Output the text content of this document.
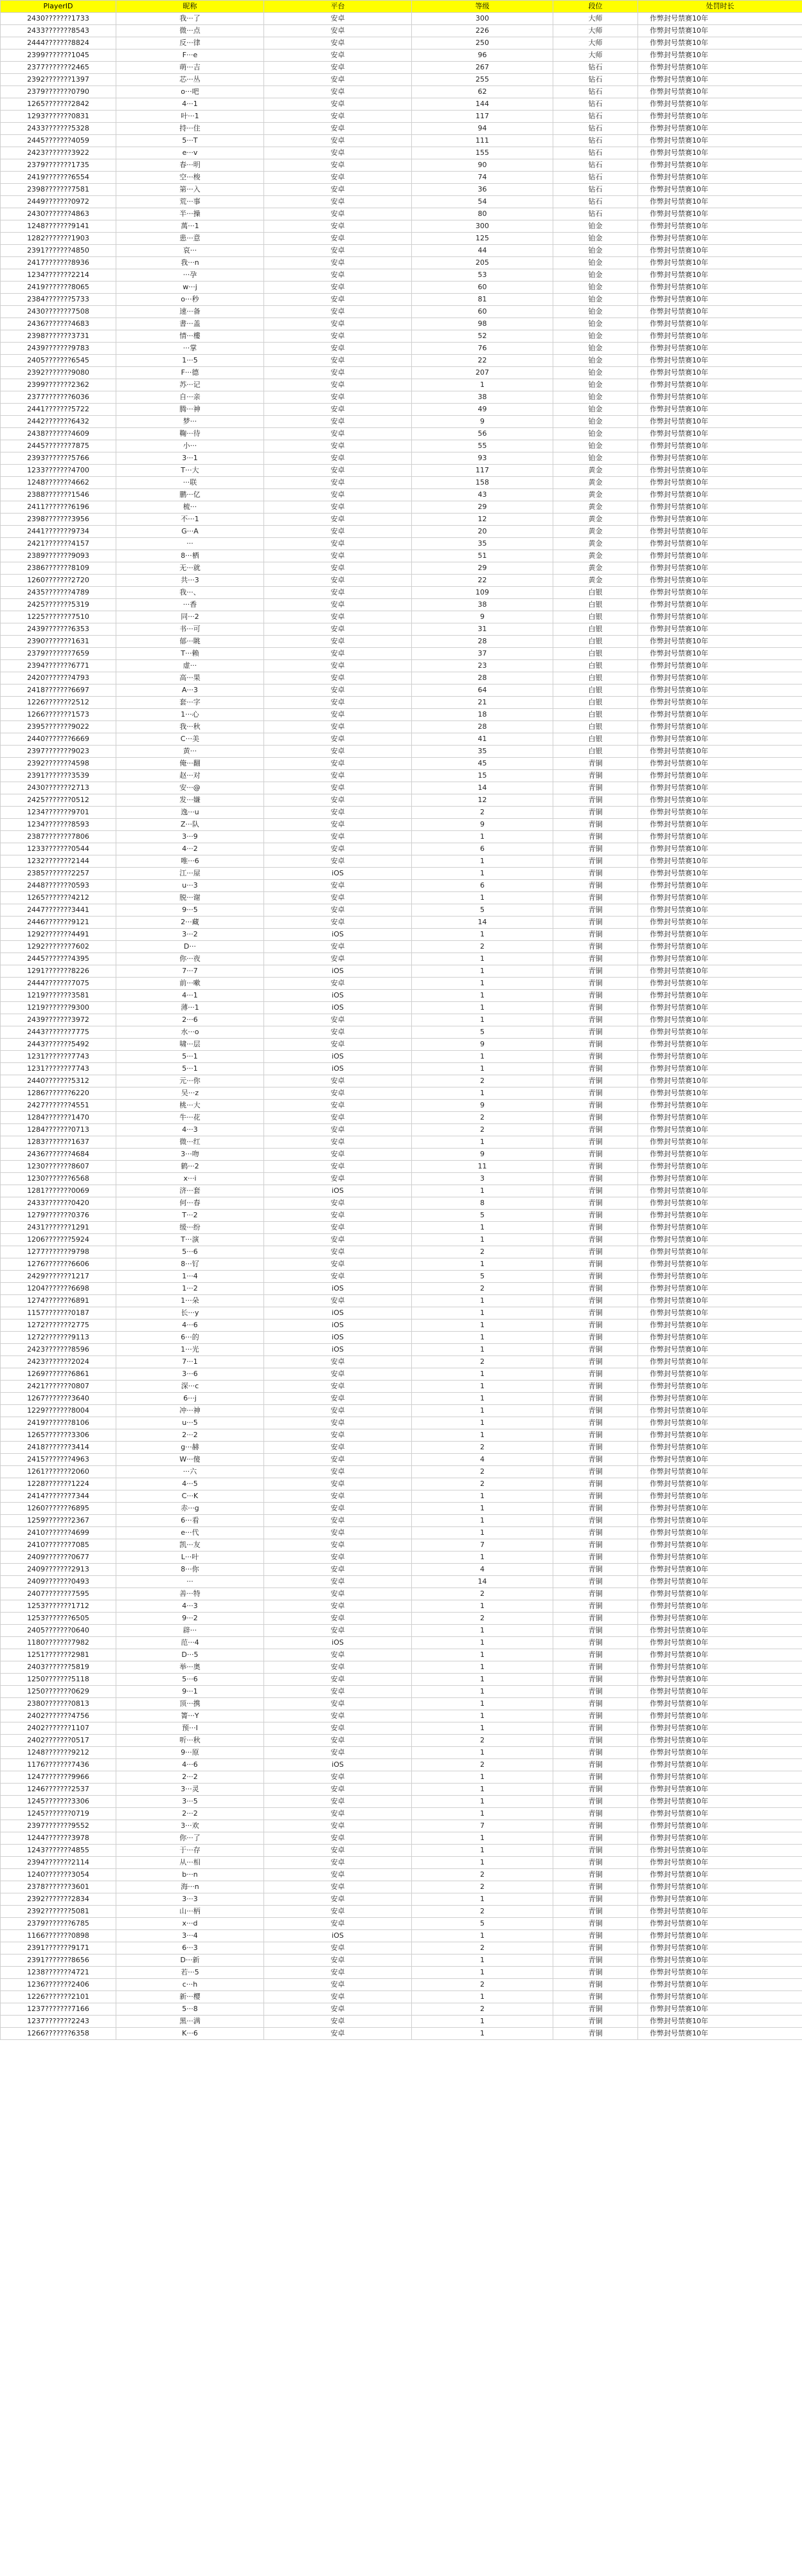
PlayerID	昵称	平台	等级	段位	处罚时长
2430???????1733	我···了	安卓	300	大师	作弊封号禁赛10年
2433???????8543	微···点	安卓	226	大师	作弊封号禁赛10年
2444???????8824	反···律	安卓	250	大师	作弊封号禁赛10年
2399???????1045	F···e	安卓	96	大师	作弊封号禁赛10年
2377???????2465	萌···吉	安卓	267	钻石	作弊封号禁赛10年
2392???????1397	芯···丛	安卓	255	钻石	作弊封号禁赛10年
2379???????0790	o···吧	安卓	62	钻石	作弊封号禁赛10年
1265???????2842	4···1	安卓	144	钻石	作弊封号禁赛10年
1293???????0831	叶···1	安卓	117	钻石	作弊封号禁赛10年
2433???????5328	持···住	安卓	94	钻石	作弊封号禁赛10年
2445???????4059	5···T	安卓	111	钻石	作弊封号禁赛10年
2423???????3922	e···v	安卓	155	钻石	作弊封号禁赛10年
2379???????1735	春···明	安卓	90	钻石	作弊封号禁赛10年
2419???????6554	空···梭	安卓	74	钻石	作弊封号禁赛10年
2398???????7581	第···入	安卓	36	钻石	作弊封号禁赛10年
2449???????0972	荒···事	安卓	54	钻石	作弊封号禁赛10年
2430???????4863	半···操	安卓	80	钻石	作弊封号禁赛10年
1248???????9141	萬···1	安卓	300	铂金	作弊封号禁赛10年
1282???????1903	患···意	安卓	125	铂金	作弊封号禁赛10年
2391???????4850	哀···	安卓	44	铂金	作弊封号禁赛10年
2417???????8936	我···n	安卓	205	铂金	作弊封号禁赛10年
1234???????2214	···孕	安卓	53	铂金	作弊封号禁赛10年
2419???????8065	w···j	安卓	60	铂金	作弊封号禁赛10年
2384???????5733	o···秒	安卓	81	铂金	作弊封号禁赛10年
2430???????7508	速···备	安卓	60	铂金	作弊封号禁赛10年
2436???????4683	書···盖	安卓	98	铂金	作弊封号禁赛10年
2398???????3731	情···樓	安卓	52	铂金	作弊封号禁赛10年
2439???????9783	···掌	安卓	76	铂金	作弊封号禁赛10年
2405???????6545	1···5	安卓	22	铂金	作弊封号禁赛10年
2392???????9080	F···德	安卓	207	铂金	作弊封号禁赛10年
2399???????2362	苏···记	安卓	1	铂金	作弊封号禁赛10年
2377???????6036	自···亲	安卓	38	铂金	作弊封号禁赛10年
2441???????5722	腾···神	安卓	49	铂金	作弊封号禁赛10年
2442???????6432	梦···	安卓	9	铂金	作弊封号禁赛10年
2438???????4609	鞠···待	安卓	56	铂金	作弊封号禁赛10年
2445???????7875	小···	安卓	55	铂金	作弊封号禁赛10年
2393???????5766	3···1	安卓	93	铂金	作弊封号禁赛10年
1233???????4700	T···大	安卓	117	黄金	作弊封号禁赛10年
1248???????4662	···联	安卓	158	黄金	作弊封号禁赛10年
2388???????1546	鹏···亿	安卓	43	黄金	作弊封号禁赛10年
2411???????6196	梳···	安卓	29	黄金	作弊封号禁赛10年
2398???????3956	不···1	安卓	12	黄金	作弊封号禁赛10年
2441???????9734	G···A	安卓	20	黄金	作弊封号禁赛10年
2421???????4157	···	安卓	35	黄金	作弊封号禁赛10年
2389???????9093	8···栖	安卓	51	黄金	作弊封号禁赛10年
2386???????8109	无···就	安卓	29	黄金	作弊封号禁赛10年
1260???????2720	共···3	安卓	22	黄金	作弊封号禁赛10年
2435???????4789	我···、	安卓	109	白银	作弊封号禁赛10年
2425???????5319	···香	安卓	38	白银	作弊封号禁赛10年
1225???????7510	同···2	安卓	9	白银	作弊封号禁赛10年
2439???????6353	书···可	安卓	31	白银	作弊封号禁赛10年
2390???????1631	郁···眺	安卓	28	白银	作弊封号禁赛10年
2379???????7659	T···赖	安卓	37	白银	作弊封号禁赛10年
2394???????6771	虚···	安卓	23	白银	作弊封号禁赛10年
2420???????4793	高···果	安卓	28	白银	作弊封号禁赛10年
2418???????6697	A···3	安卓	64	白银	作弊封号禁赛10年
1226???????2512	套···字	安卓	21	白银	作弊封号禁赛10年
1266???????1573	1···心	安卓	18	白银	作弊封号禁赛10年
2395???????9022	我···秋	安卓	28	白银	作弊封号禁赛10年
2440???????6669	C···美	安卓	41	白银	作弊封号禁赛10年
2397???????9023	黄···	安卓	35	白银	作弊封号禁赛10年
2392???????4598	俺···翻	安卓	45	青铜	作弊封号禁赛10年
2391???????3539	赵···对	安卓	15	青铜	作弊封号禁赛10年
2430???????2713	安···@	安卓	14	青铜	作弊封号禁赛10年
2425???????0512	发···嫌	安卓	12	青铜	作弊封号禁赛10年
1234???????9701	逸···u	安卓	2	青铜	作弊封号禁赛10年
1234???????8593	Z···队	安卓	9	青铜	作弊封号禁赛10年
2387???????7806	3···9	安卓	1	青铜	作弊封号禁赛10年
1233???????0544	4···2	安卓	6	青铜	作弊封号禁赛10年
1232???????2144	唯···6	安卓	1	青铜	作弊封号禁赛10年
2385???????2257	江···屋	iOS	1	青铜	作弊封号禁赛10年
2448???????0593	u···3	安卓	6	青铜	作弊封号禁赛10年
1265???????4212	脱···谢	安卓	1	青铜	作弊封号禁赛10年
2447???????3441	9···5	安卓	5	青铜	作弊封号禁赛10年
2446???????9121	2···藏	安卓	14	青铜	作弊封号禁赛10年
1292???????4491	3···2	iOS	1	青铜	作弊封号禁赛10年
1292???????7602	D···	安卓	2	青铜	作弊封号禁赛10年
2445???????4395	你···夜	安卓	1	青铜	作弊封号禁赛10年
1291???????8226	7···7	iOS	1	青铜	作弊封号禁赛10年
2444???????7075	前···嗽	安卓	1	青铜	作弊封号禁赛10年
1219???????3581	4···1	iOS	1	青铜	作弊封号禁赛10年
1219???????9300	薄···1	iOS	1	青铜	作弊封号禁赛10年
2439???????3972	2···6	安卓	1	青铜	作弊封号禁赛10年
2443???????7775	水···o	安卓	5	青铜	作弊封号禁赛10年
2443???????5492	啸···层	安卓	9	青铜	作弊封号禁赛10年
1231???????7743	5···1	iOS	1	青铜	作弊封号禁赛10年
1231???????7743	5···1	iOS	1	青铜	作弊封号禁赛10年
2440???????5312	元···你	安卓	2	青铜	作弊封号禁赛10年
1286???????6220	吴···z	安卓	1	青铜	作弊封号禁赛10年
2427???????4551	桃···大	安卓	9	青铜	作弊封号禁赛10年
1284???????1470	牛···花	安卓	2	青铜	作弊封号禁赛10年
1284???????0713	4···3	安卓	2	青铜	作弊封号禁赛10年
1283???????1637	微···红	安卓	1	青铜	作弊封号禁赛10年
2436???????4684	3···吻	安卓	9	青铜	作弊封号禁赛10年
1230???????8607	鹤···2	安卓	11	青铜	作弊封号禁赛10年
1230???????6568	x···i	安卓	3	青铜	作弊封号禁赛10年
1281???????0069	济···套	iOS	1	青铜	作弊封号禁赛10年
2433???????0420	何···春	安卓	8	青铜	作弊封号禁赛10年
1279???????0376	T···2	安卓	5	青铜	作弊封号禁赛10年
2431???????1291	缓···纷	安卓	1	青铜	作弊封号禁赛10年
1206???????5924	T···演	安卓	1	青铜	作弊封号禁赛10年
1277???????9798	5···6	安卓	2	青铜	作弊封号禁赛10年
1276???????6606	8···钌	安卓	1	青铜	作弊封号禁赛10年
2429???????1217	1···4	安卓	5	青铜	作弊封号禁赛10年
1204???????6698	1···2	iOS	2	青铜	作弊封号禁赛10年
1274???????6891	1···朵	安卓	1	青铜	作弊封号禁赛10年
1157???????0187	长···y	iOS	1	青铜	作弊封号禁赛10年
1272???????2775	4···6	iOS	1	青铜	作弊封号禁赛10年
1272???????9113	6···的	iOS	1	青铜	作弊封号禁赛10年
2423???????8596	1···光	iOS	1	青铜	作弊封号禁赛10年
2423???????2024	7···1	安卓	2	青铜	作弊封号禁赛10年
1269???????6861	3···6	安卓	1	青铜	作弊封号禁赛10年
2421???????0807	深···c	安卓	1	青铜	作弊封号禁赛10年
1267???????3640	6···j	安卓	1	青铜	作弊封号禁赛10年
1229???????8004	冲···神	安卓	1	青铜	作弊封号禁赛10年
2419???????8106	u···5	安卓	1	青铜	作弊封号禁赛10年
1265???????3306	2···2	安卓	1	青铜	作弊封号禁赛10年
2418???????3414	g···赫	安卓	2	青铜	作弊封号禁赛10年
2415???????4963	W···傻	安卓	4	青铜	作弊封号禁赛10年
1261???????2060	···六	安卓	2	青铜	作弊封号禁赛10年
1228???????1224	4···5	安卓	2	青铜	作弊封号禁赛10年
2414???????7344	C···K	安卓	1	青铜	作弊封号禁赛10年
1260???????6895	赤···g	安卓	1	青铜	作弊封号禁赛10年
1259???????2367	6···看	安卓	1	青铜	作弊封号禁赛10年
2410???????4699	e···代	安卓	1	青铜	作弊封号禁赛10年
2410???????7085	凯···友	安卓	7	青铜	作弊封号禁赛10年
2409???????0677	L···叶	安卓	1	青铜	作弊封号禁赛10年
2409???????2913	8···你	安卓	4	青铜	作弊封号禁赛10年
2409???????0493	···	安卓	14	青铜	作弊封号禁赛10年
2407???????7595	善···特	安卓	2	青铜	作弊封号禁赛10年
1253???????1712	4···3	安卓	1	青铜	作弊封号禁赛10年
1253???????6505	9···2	安卓	2	青铜	作弊封号禁赛10年
2405???????0640	辟···	安卓	1	青铜	作弊封号禁赛10年
1180???????7982	范···4	iOS	1	青铜	作弊封号禁赛10年
1251???????2981	D···5	安卓	1	青铜	作弊封号禁赛10年
2403???????5819	举···奥	安卓	1	青铜	作弊封号禁赛10年
1250???????5118	5···6	安卓	1	青铜	作弊封号禁赛10年
1250???????0629	9···1	安卓	1	青铜	作弊封号禁赛10年
2380???????0813	顶···携	安卓	1	青铜	作弊封号禁赛10年
2402???????4756	箐···Y	安卓	1	青铜	作弊封号禁赛10年
2402???????1107	预···I	安卓	1	青铜	作弊封号禁赛10年
2402???????0517	听···秋	安卓	2	青铜	作弊封号禁赛10年
1248???????9212	9···原	安卓	1	青铜	作弊封号禁赛10年
1176???????7436	4···6	iOS	2	青铜	作弊封号禁赛10年
1247???????9966	2···2	安卓	1	青铜	作弊封号禁赛10年
1246???????2537	3···灵	安卓	1	青铜	作弊封号禁赛10年
1245???????3306	3···5	安卓	1	青铜	作弊封号禁赛10年
1245???????0719	2···2	安卓	1	青铜	作弊封号禁赛10年
2397???????9552	3···欢	安卓	7	青铜	作弊封号禁赛10年
1244???????3978	你···了	安卓	1	青铜	作弊封号禁赛10年
1243???????4855	于···存	安卓	1	青铜	作弊封号禁赛10年
2394???????2114	从···相	安卓	1	青铜	作弊封号禁赛10年
1240???????3054	b···n	安卓	2	青铜	作弊封号禁赛10年
2378???????3601	海···n	安卓	2	青铜	作弊封号禁赛10年
2392???????2834	3···3	安卓	1	青铜	作弊封号禁赛10年
2392???????5081	山···柄	安卓	2	青铜	作弊封号禁赛10年
2379???????6785	x···d	安卓	5	青铜	作弊封号禁赛10年
1166???????0898	3···4	iOS	1	青铜	作弊封号禁赛10年
2391???????9171	6···3	安卓	2	青铜	作弊封号禁赛10年
2391???????8656	D···新	安卓	1	青铜	作弊封号禁赛10年
1238???????4721	若···5	安卓	1	青铜	作弊封号禁赛10年
1236???????2406	c···h	安卓	2	青铜	作弊封号禁赛10年
1226???????2101	新···樱	安卓	1	青铜	作弊封号禁赛10年
1237???????7166	5···8	安卓	2	青铜	作弊封号禁赛10年
1237???????2243	黑···满	安卓	1	青铜	作弊封号禁赛10年
1266???????6358	K···6	安卓	1	青铜	作弊封号禁赛10年
